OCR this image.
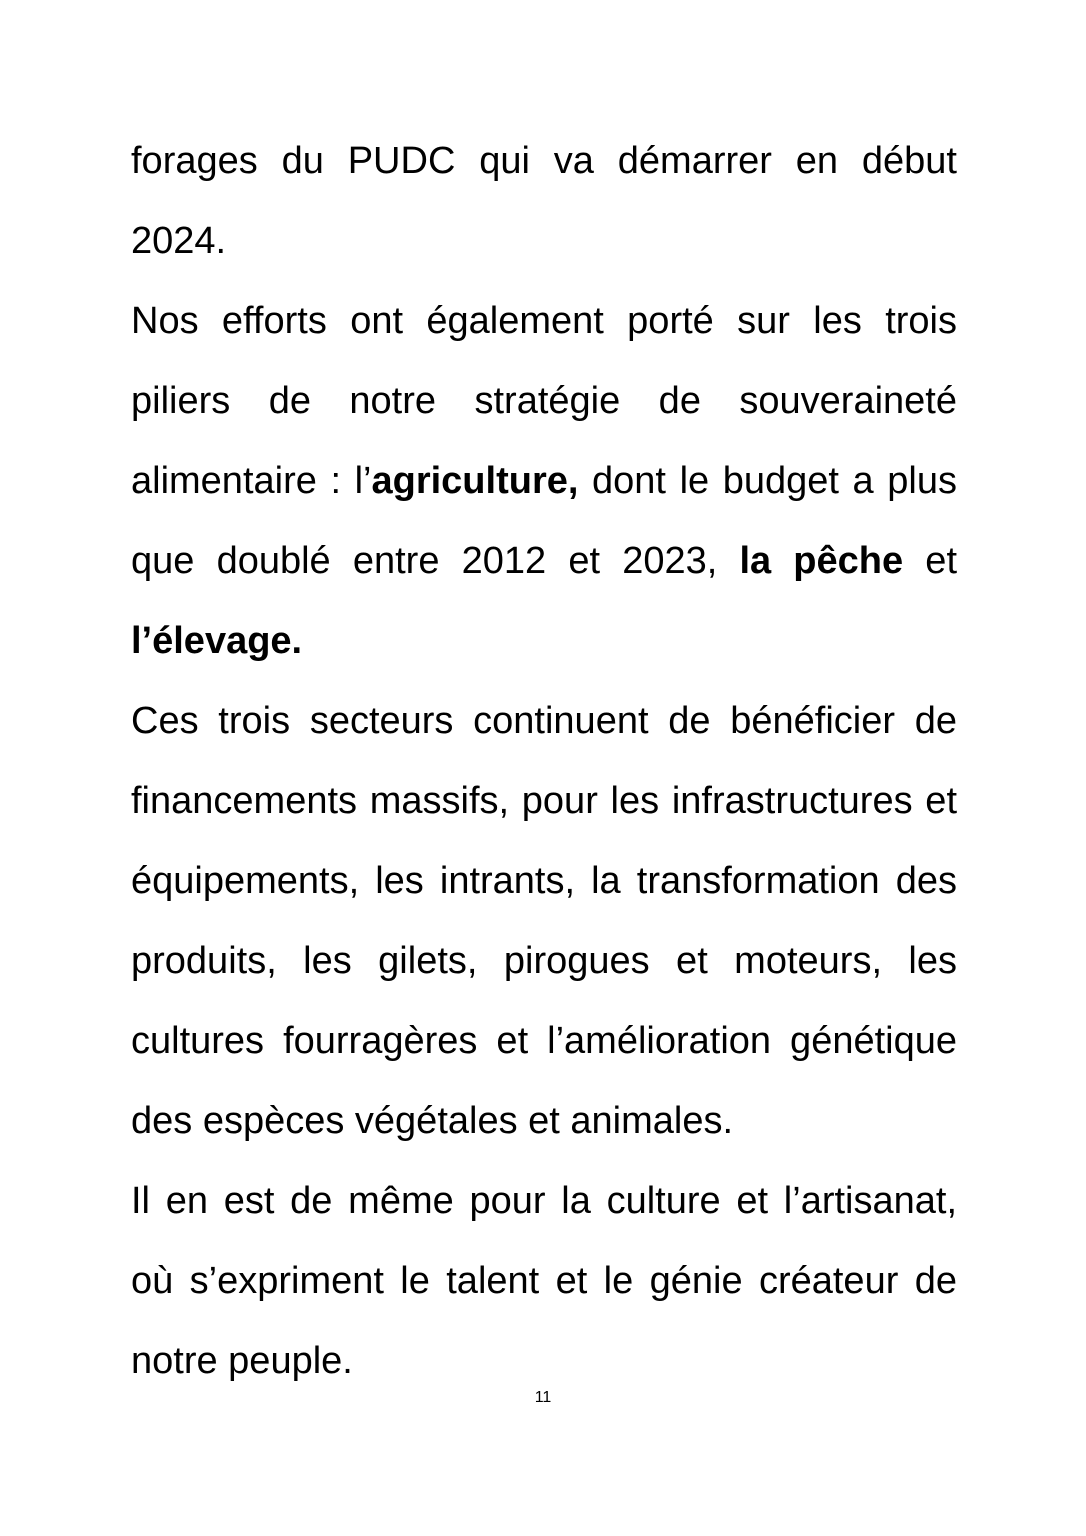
forages du PUDC qui va démarrer en début 2024.

Nos efforts ont également porté sur les trois piliers de notre stratégie de souveraineté alimentaire : l’agriculture, dont le budget a plus que doublé entre 2012 et 2023, la pêche et l’élevage.

Ces trois secteurs continuent de bénéficier de financements massifs, pour les infrastructures et équipements, les intrants, la transformation des produits, les gilets, pirogues et moteurs, les cultures fourragères et l’amélioration génétique des espèces végétales et animales.

Il en est de même pour la culture et l’artisanat, où s’expriment le talent et le génie créateur de notre peuple.

11
